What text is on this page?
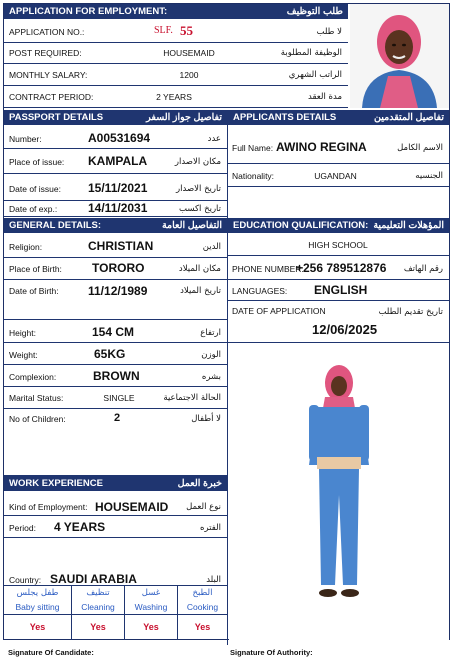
APPLICATION FOR EMPLOYMENT:	طلب التوظيف
APPLICATION NO.:	SLF. 55	لا طلب
POST REQUIRED:	HOUSEMAID	الوظيفة المطلوبة
MONTHLY SALARY:	1200	الراتب الشهري
CONTRACT PERIOD:	2 YEARS	مدة العقد
PASSPORT DETAILS	تفاصيل جواز السفر	APPLICANTS DETAILS	تفاصيل المتقدمين
Number:	A00531694	عدد
Place of issue: KAMPALA	مكان الاصدار
Date of issue: 15/11/2021	تاريخ الاصدار
Date of exp.:	14/11/2031	تاريخ اكسب
Full Name: AWINO REGINA	الاسم الكامل
Nationality:	UGANDAN	الجنسيه
GENERAL DETAILS:	التفاصيل العامة	EDUCATION QUALIFICATION: المؤهلات التعليمية
Religion:	CHRISTIAN	الدين
Place of Birth:	TORORO	مكان الميلاد
Date of Birth: 11/12/1989	تاريخ الميلاد
Height:	154 CM	ارتفاع
Weight:	65KG	الوزن
Complexion:	BROWN	بشره
Marital Status:	SINGLE	الحالة الاجتماعية
No of Children:	2	لا أطفال
HIGH SCHOOL
PHONE NUMBER:
+256 789512876 رقم الهاتف
LANGUAGES: ENGLISH
DATE OF APPLICATION	تاريخ تقديم الطلب
12/06/2025
WORK EXPERIENCE	خبرة العمل
Kind of Employment: HOUSEMAID نوع العمل
Period: 4 YEARS	الفتره
Country: SAUDI ARABIA	البلد
طفل يجلس
Baby sitting
Yes
تنظيف
Cleaning
Yes
غسل
Washing
Yes
الطبخ
Cooking
Yes
Signature Of Candidate:	Signature Of Authority:
